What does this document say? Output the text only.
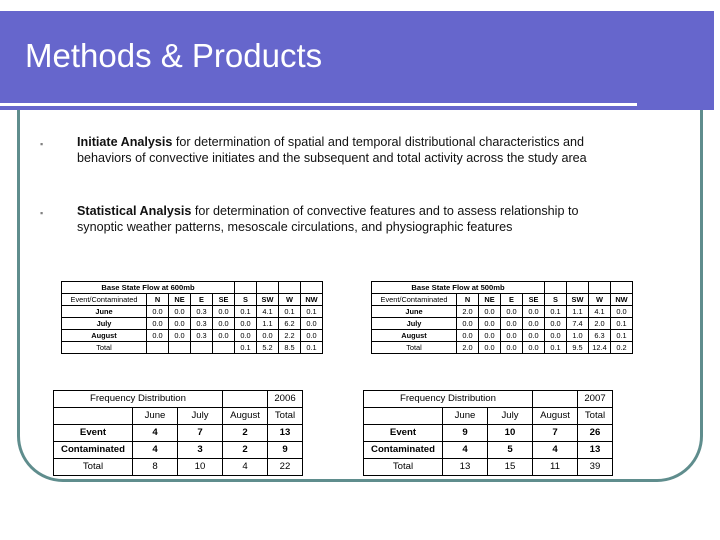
Methods & Products
▪	Initiate Analysis for determination of spatial and temporal distributional characteristics and behaviors of convective initiates and the subsequent and total activity across the study area
▪	Statistical Analysis for determination of convective features and to assess relationship to synoptic weather patterns, mesoscale circulations, and physiographic features
Base State Flow at 600mb								
Event/Contaminated	N	NE	E	SE	S	SW	W	NW
June	0.0	0.0	0.3	0.0	0.1	4.1	0.1	0.1
July	0.0	0.0	0.3	0.0	0.0	1.1	6.2	0.0
August	0.0	0.0	0.3	0.0	0.0	0.0	2.2	0.0
Total					0.1	5.2	8.5	0.1
Base State Flow at 500mb								
Event/Contaminated	N	NE	E	SE	S	SW	W	NW
June	2.0	0.0	0.0	0.0	0.1	1.1	4.1	0.0
July	0.0	0.0	0.0	0.0	0.0	7.4	2.0	0.1
August	0.0	0.0	0.0	0.0	0.0	1.0	6.3	0.1
Total	2.0	0.0	0.0	0.0	0.1	9.5	12.4	0.2
Frequency Distribution				2006
	June	July	August	Total
Event	4	7	2	13
Contaminated	4	3	2	9
Total	8	10	4	22
Frequency Distribution				2007
	June	July	August	Total
Event	9	10	7	26
Contaminated	4	5	4	13
Total	13	15	11	39
